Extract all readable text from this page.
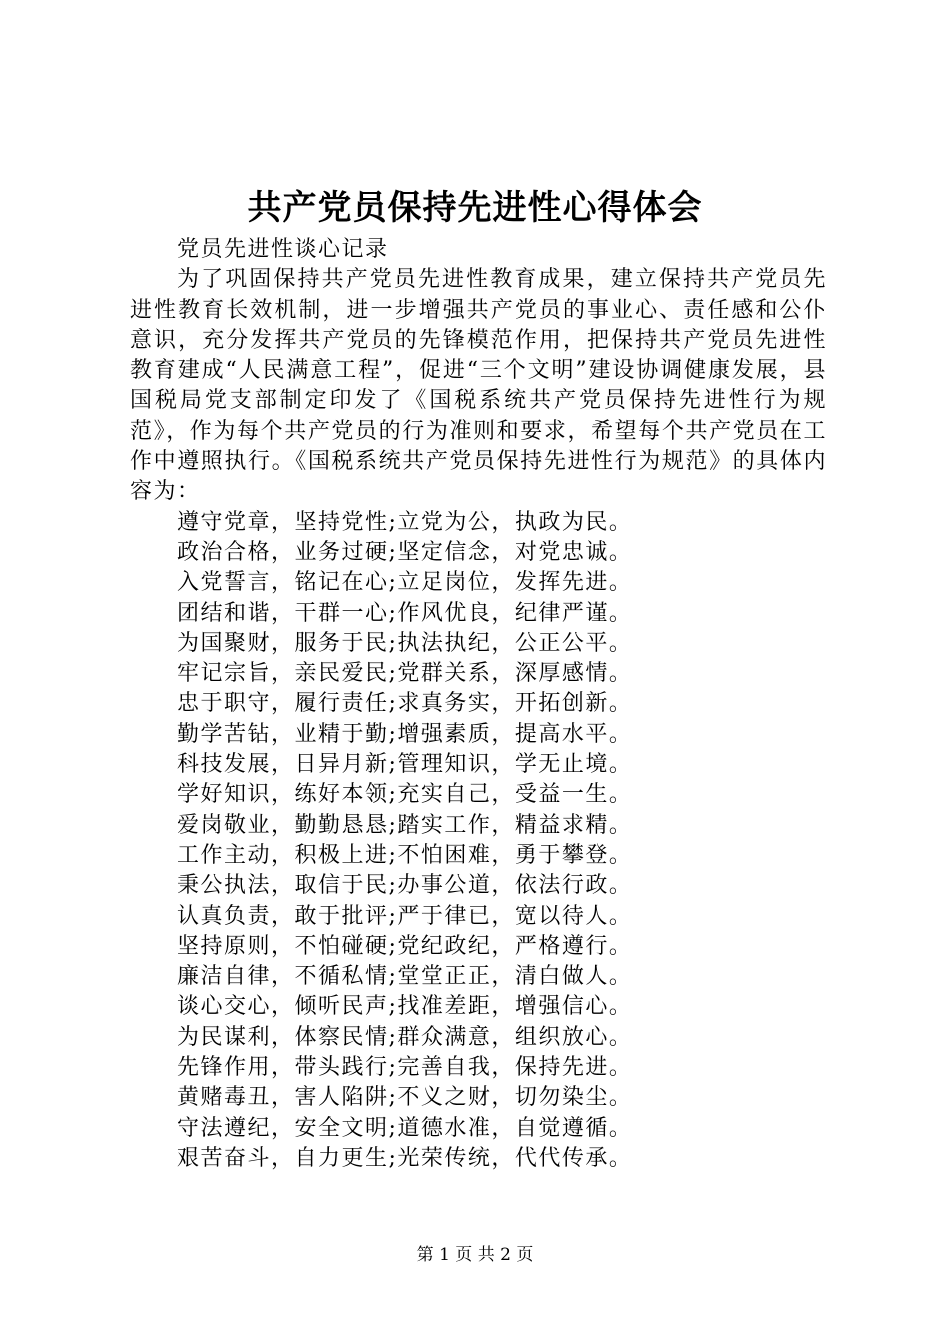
共产党员保持先进性心得体会

党员先进性谈心记录

为了巩固保持共产党员先进性教育成果，建立保持共产党员先进性教育长效机制，进一步增强共产党员的事业心、责任感和公仆意识，充分发挥共产党员的先锋模范作用，把保持共产党员先进性教育建成“人民满意工程”，促进“三个文明”建设协调健康发展，县国税局党支部制定印发了《国税系统共产党员保持先进性行为规范》，作为每个共产党员的行为准则和要求，希望每个共产党员在工作中遵照执行。《国税系统共产党员保持先进性行为规范》的具体内容为：

遵守党章，坚持党性;立党为公，执政为民。
政治合格，业务过硬;坚定信念，对党忠诚。
入党誓言，铭记在心;立足岗位，发挥先进。
团结和谐，干群一心;作风优良，纪律严谨。
为国聚财，服务于民;执法执纪，公正公平。
牢记宗旨，亲民爱民;党群关系，深厚感情。
忠于职守，履行责任;求真务实，开拓创新。
勤学苦钻，业精于勤;增强素质，提高水平。
科技发展，日异月新;管理知识，学无止境。
学好知识，练好本领;充实自己，受益一生。
爱岗敬业，勤勤恳恳;踏实工作，精益求精。
工作主动，积极上进;不怕困难，勇于攀登。
秉公执法，取信于民;办事公道，依法行政。
认真负责，敢于批评;严于律已，宽以待人。
坚持原则，不怕碰硬;党纪政纪，严格遵行。
廉洁自律，不循私情;堂堂正正，清白做人。
谈心交心，倾听民声;找准差距，增强信心。
为民谋利，体察民情;群众满意，组织放心。
先锋作用，带头践行;完善自我，保持先进。
黄赌毒丑，害人陷阱;不义之财，切勿染尘。
守法遵纪，安全文明;道德水准，自觉遵循。
艰苦奋斗，自力更生;光荣传统，代代传承。
第 1 页 共 2 页
